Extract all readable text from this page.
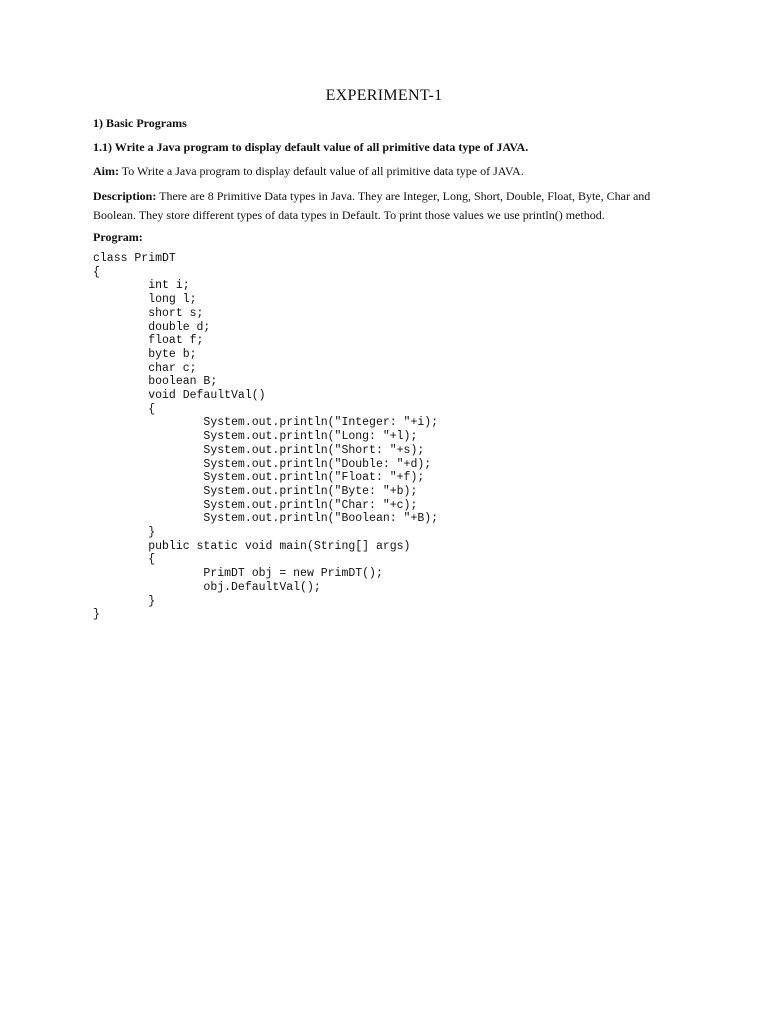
EXPERIMENT-1

1) Basic Programs

1.1) Write a Java program to display default value of all primitive data type of JAVA.

Aim: To Write a Java program to display default value of all primitive data type of JAVA.

Description: There are 8 Primitive Data types in Java. They are Integer, Long, Short, Double, Float, Byte, Char and Boolean. They store different types of data types in Default. To print those values we use println() method.

Program:

class PrimDT
{
	int i;
	long l;
	short s;
	double d;
	float f;
	byte b;
	char c;
	boolean B;
	void DefaultVal()
	{
		System.out.println("Integer: "+i);
		System.out.println("Long: "+l);
		System.out.println("Short: "+s);
		System.out.println("Double: "+d);
		System.out.println("Float: "+f);
		System.out.println("Byte: "+b);
		System.out.println("Char: "+c);
		System.out.println("Boolean: "+B);
	}
	public static void main(String[] args)
	{
		PrimDT obj = new PrimDT();
		obj.DefaultVal();
	}
}
